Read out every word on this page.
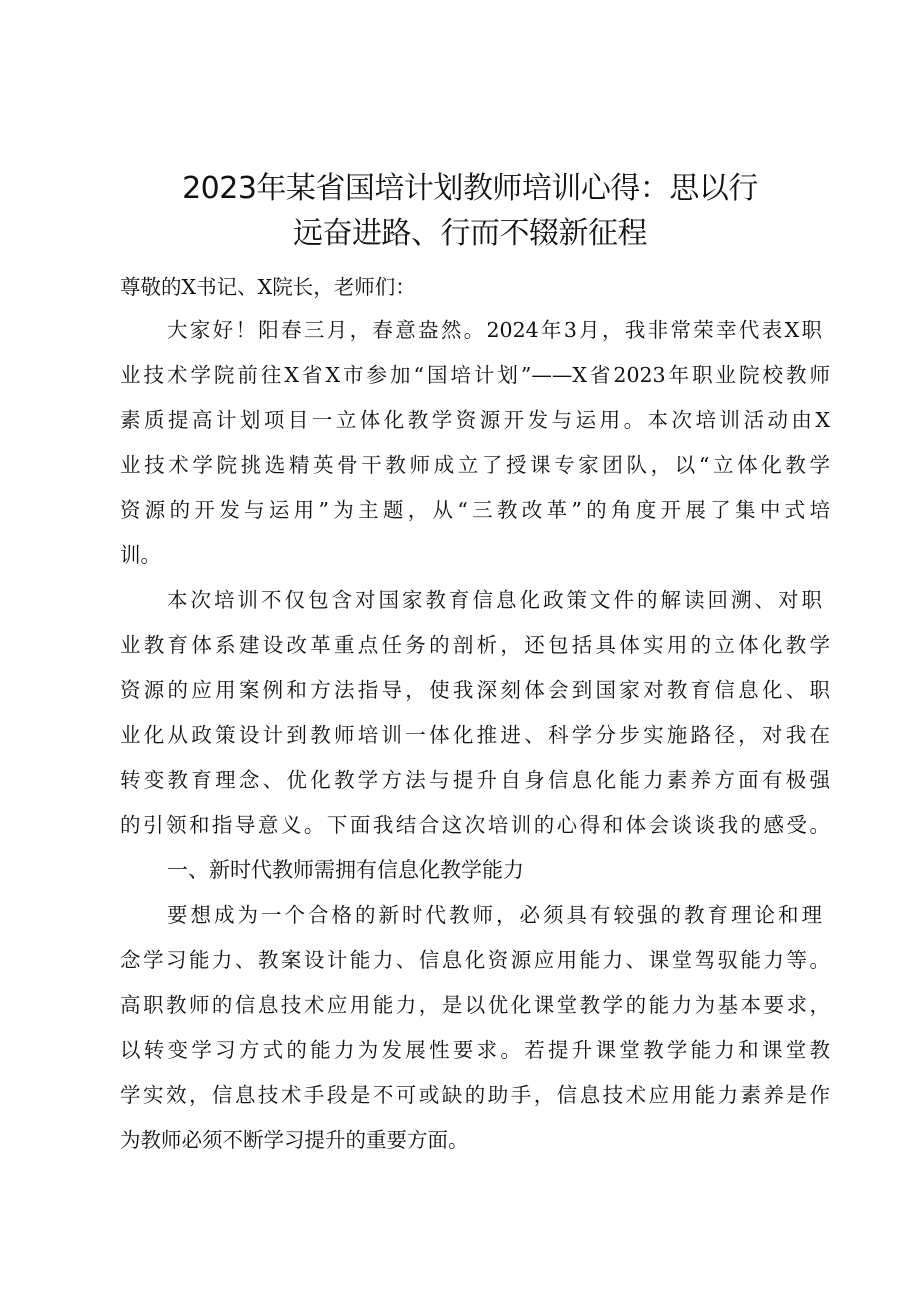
2023年某省国培计划教师培训心得：思以行
远奋进路、行而不辍新征程
尊敬的X书记、X院长，老师们：
大家好！阳春三月，春意盎然。2024年3月，我非常荣幸代表X职
业技术学院前往X省X市参加“国培计划”——X省2023年职业院校教师
素质提高计划项目一立体化教学资源开发与运用。本次培训活动由X
业技术学院挑选精英骨干教师成立了授课专家团队，以“立体化教学
资源的开发与运用”为主题，从“三教改革”的角度开展了集中式培
训。
本次培训不仅包含对国家教育信息化政策文件的解读回溯、对职
业教育体系建设改革重点任务的剖析，还包括具体实用的立体化教学
资源的应用案例和方法指导，使我深刻体会到国家对教育信息化、职
业化从政策设计到教师培训一体化推进、科学分步实施路径，对我在
转变教育理念、优化教学方法与提升自身信息化能力素养方面有极强
的引领和指导意义。下面我结合这次培训的心得和体会谈谈我的感受。
一、新时代教师需拥有信息化教学能力
要想成为一个合格的新时代教师，必须具有较强的教育理论和理
念学习能力、教案设计能力、信息化资源应用能力、课堂驾驭能力等。
高职教师的信息技术应用能力，是以优化课堂教学的能力为基本要求，
以转变学习方式的能力为发展性要求。若提升课堂教学能力和课堂教
学实效，信息技术手段是不可或缺的助手，信息技术应用能力素养是作
为教师必须不断学习提升的重要方面。
